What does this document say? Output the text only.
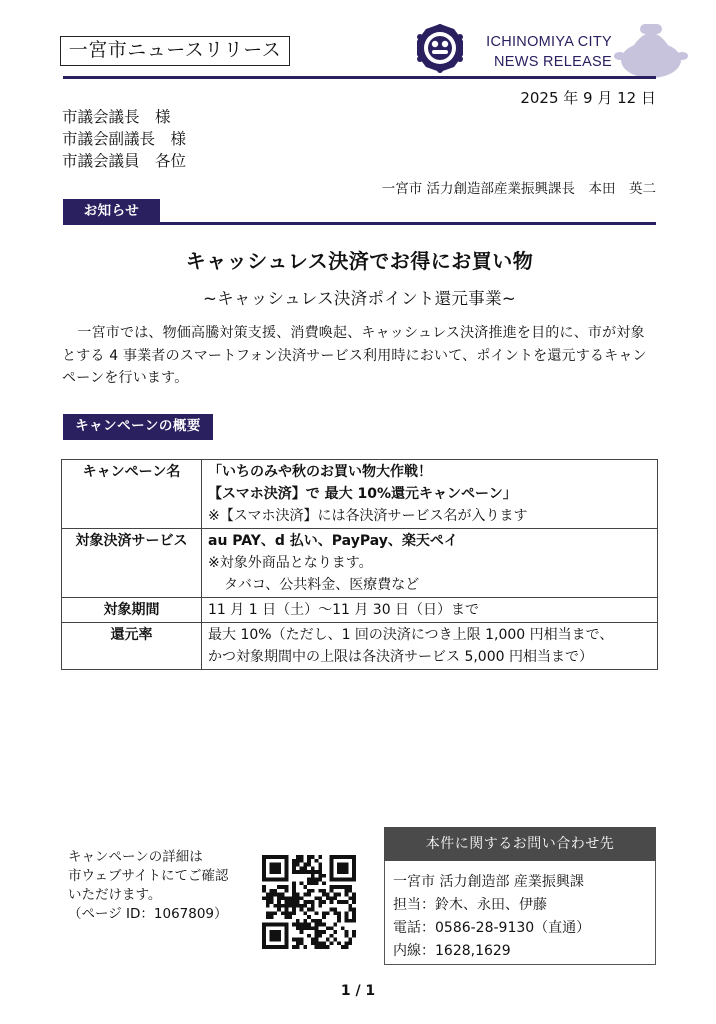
一宮市ニュースリリース	ICHINOMIYA CITY
NEWS RELEASE
2025 年 9 月 12 日
市議会議長　様
市議会副議長　様
市議会議員　各位
一宮市 活力創造部産業振興課長　本田　英二
お知らせ
キャッシュレス決済でお得にお買い物
~キャッシュレス決済ポイント還元事業~
一宮市では、物価高騰対策支援、消費喚起、キャッシュレス決済推進を目的に、市が対象とする 4 事業者のスマートフォン決済サービス利用時において、ポイントを還元するキャンペーンを行います。
キャンペーンの概要
キャンペーン名	「いちのみや秋のお買い物大作戦！
【スマホ決済】で 最大 10%還元キャンペーン」
※【スマホ決済】には各決済サービス名が入ります

対象決済サービス	au PAY、d 払い、PayPay、楽天ペイ
※対象外商品となります。
タバコ、公共料金、医療費など

対象期間	11 月 1 日（土）～11 月 30 日（日）まで

還元率	最大 10%（ただし、1 回の決済につき上限 1,000 円相当まで、
かつ対象期間中の上限は各決済サービス 5,000 円相当まで）
キャンペーンの詳細は
市ウェブサイトにてご確認
いただけます。
（ページ ID：1067809）
本件に関するお問い合わせ先
一宮市 活力創造部 産業振興課
担当：鈴木、永田、伊藤
電話：0586-28-9130（直通）
内線：1628,1629
1 / 1
